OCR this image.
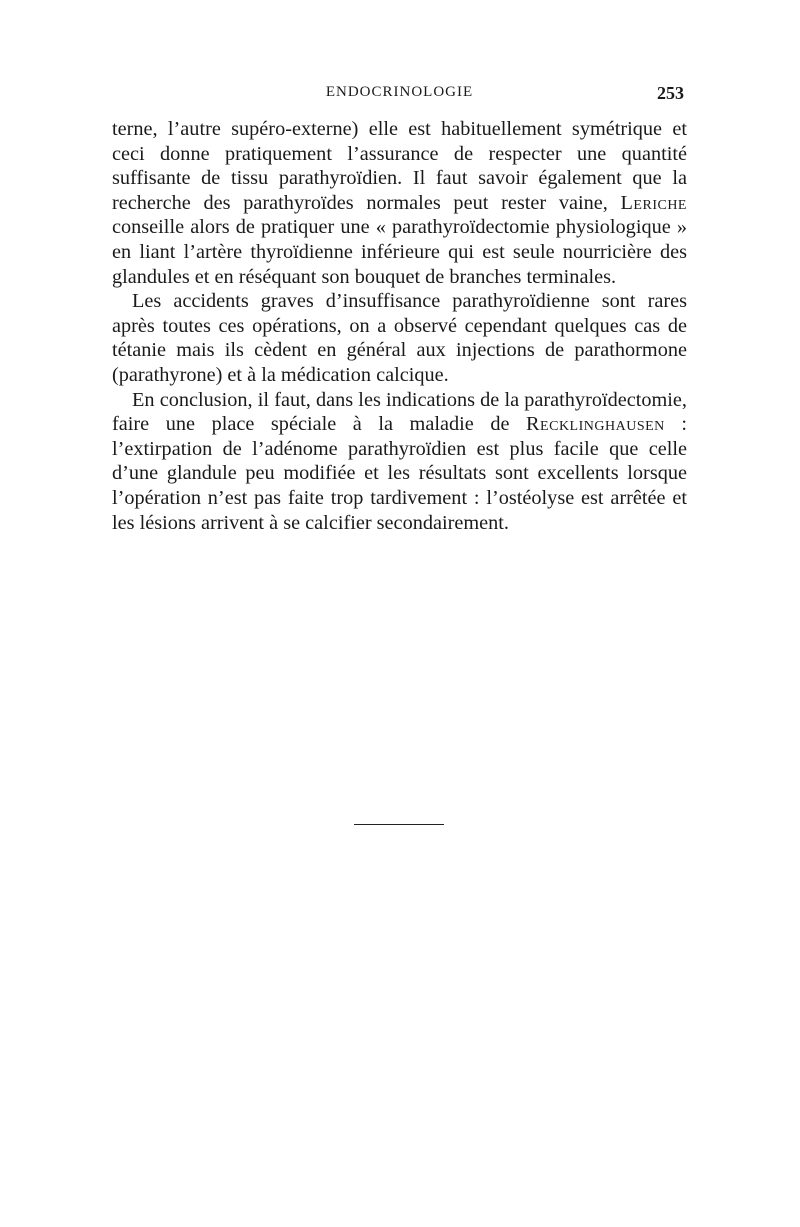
ENDOCRINOLOGIE	253

terne, l’autre supéro-externe) elle est habituellement symétrique et ceci donne pratiquement l’assurance de respecter une quantité suffisante de tissu parathyroïdien. Il faut savoir également que la recherche des parathyroïdes normales peut rester vaine, Leriche conseille alors de pratiquer une « parathyroïdectomie physiologique » en liant l’artère thyroïdienne inférieure qui est seule nourricière des glandules et en réséquant son bouquet de branches terminales.

Les accidents graves d’insuffisance parathyroïdienne sont rares après toutes ces opérations, on a observé cependant quelques cas de tétanie mais ils cèdent en général aux injections de parathormone (parathyrone) et à la médication calcique.

En conclusion, il faut, dans les indications de la parathyroïdectomie, faire une place spéciale à la maladie de Recklinghausen : l’extirpation de l’adénome parathyroïdien est plus facile que celle d’une glandule peu modifiée et les résultats sont excellents lorsque l’opération n’est pas faite trop tardivement : l’ostéolyse est arrêtée et les lésions arrivent à se calcifier secondairement.
